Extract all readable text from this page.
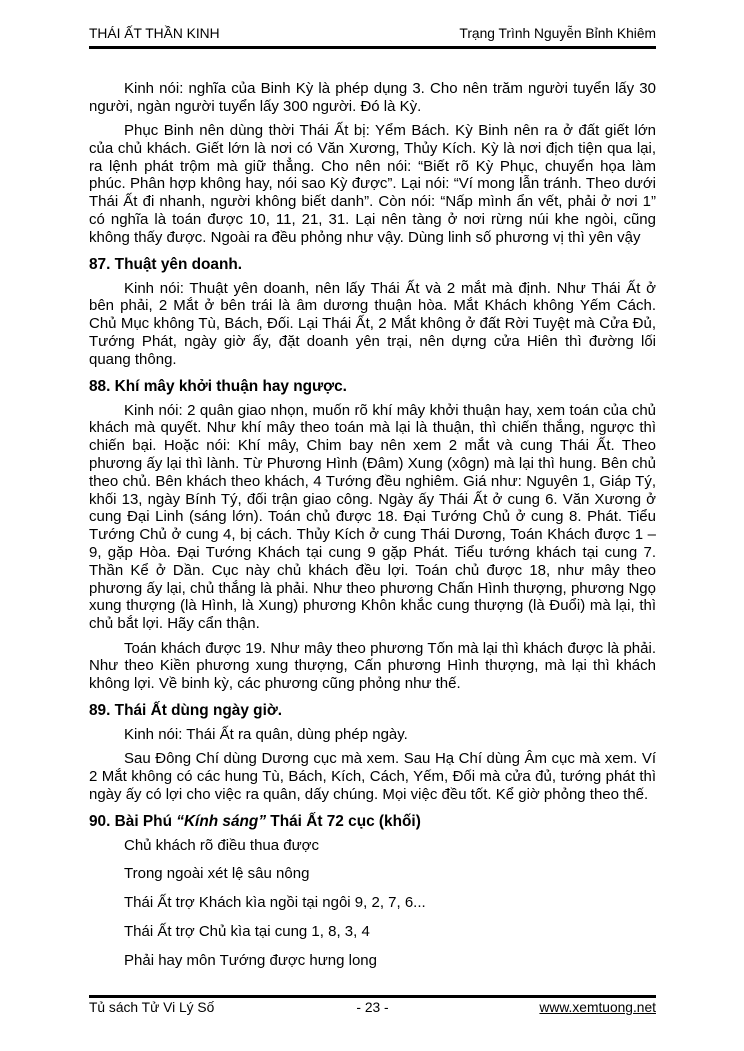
THÁI ẤT THẦN KINH	Trạng Trình Nguyễn Bỉnh Khiêm

Kinh nói: nghĩa của Binh Kỳ là phép dụng 3. Cho nên trăm người tuyển lấy 30 người, ngàn người tuyển lấy 300 người. Đó là Kỳ.

Phục Binh nên dùng thời Thái Ất bị: Yểm Bách. Kỳ Binh nên ra ở đất giết lớn của chủ khách. Giết lớn là nơi có Văn Xương, Thủy Kích. Kỳ là nơi địch tiện qua lại, ra lệnh phát trộm mà giữ thẳng. Cho nên nói: “Biết rõ Kỳ Phục, chuyển họa làm phúc. Phân hợp không hay, nói sao Kỳ được”. Lại nói: “Ví mong lẫn tránh. Theo dưới Thái Ất đi nhanh, người không biết danh”. Còn nói: “Nấp mình ẩn vết, phải ở nơi 1” có nghĩa là toán được 10, 11, 21, 31. Lại nên tàng ở nơi rừng núi khe ngòi, cũng không thấy được. Ngoài ra đều phỏng như vậy. Dùng linh số phương vị thì yên vậy

87. Thuật yên doanh.

Kinh nói: Thuật yên doanh, nên lấy Thái Ất và 2 mắt mà định. Như Thái Ất ở bên phải, 2 Mắt ở bên trái là âm dương thuận hòa. Mắt Khách không Yếm Cách. Chủ Mục không Tù, Bách, Đối. Lại Thái Ất, 2 Mắt không ở đất Rời Tuyệt mà Cửa Đủ, Tướng Phát, ngày giờ ấy, đặt doanh yên trại, nên dựng cửa Hiên thì đường lối quang thông.

88. Khí mây khởi thuận hay ngược.

Kinh nói: 2 quân giao nhọn, muốn rõ khí mây khởi thuận hay, xem toán của chủ khách mà quyết. Như khí mây theo toán mà lại là thuận, thì chiến thắng, ngược thì chiến bại. Hoặc nói: Khí mây, Chim bay nên xem 2 mắt và cung Thái Ất. Theo phương ấy lại thì lành. Từ Phương Hình (Đâm) Xung (xôgn) mà lại thì hung. Bên chủ theo chủ. Bên khách theo khách, 4 Tướng đều nghiêm. Giá như: Nguyên 1, Giáp Tý, khối 13, ngày Bính Tý, đối trận giao công. Ngày ấy Thái Ất ở cung 6. Văn Xương ở cung Đại Linh (sáng lớn). Toán chủ được 18. Đại Tướng Chủ ở cung 8. Phát. Tiểu Tướng Chủ ở cung 4, bị cách. Thủy Kích ở cung Thái Dương, Toán Khách được 1 – 9, gặp Hòa. Đại Tướng Khách tại cung 9 gặp Phát. Tiểu tướng khách tại cung 7. Thần Kể ở Dần. Cục này chủ khách đều lợi. Toán chủ được 18, như mây theo phương ấy lại, chủ thắng là phải. Như theo phương Chấn Hình thượng, phương Ngọ xung thượng (là Hình, là Xung) phương Khôn khắc cung thượng (là Đuổi) mà lại, thì chủ bắt lợi. Hãy cẩn thận.

Toán khách được 19. Như mây theo phương Tốn mà lại thì khách được là phải. Như theo Kiền phương xung thượng, Cấn phương Hình thượng, mà lại thì khách không lợi. Về binh kỳ, các phương cũng phỏng như thế.

89. Thái Ất dùng ngày giờ.

Kinh nói: Thái Ất ra quân, dùng phép ngày.

Sau Đông Chí dùng Dương cục mà xem. Sau Hạ Chí dùng Âm cục mà xem. Ví 2 Mắt không có các hung Tù, Bách, Kích, Cách, Yếm, Đối mà cửa đủ, tướng phát thì ngày ấy có lợi cho việc ra quân, dấy chúng. Mọi việc đều tốt. Kể giờ phỏng theo thế.

90. Bài Phú “Kính sáng” Thái Ất 72 cục (khối)

Chủ khách rõ điều thua được

Trong ngoài xét lệ sâu nông

Thái Ất trợ Khách kìa ngồi tại ngôi 9, 2, 7, 6...

Thái Ất trợ Chủ kìa tại cung 1, 8, 3, 4

Phải hay môn Tướng được hưng long

Tủ sách Tử Vi Lý Số	- 23 -	www.xemtuong.net
